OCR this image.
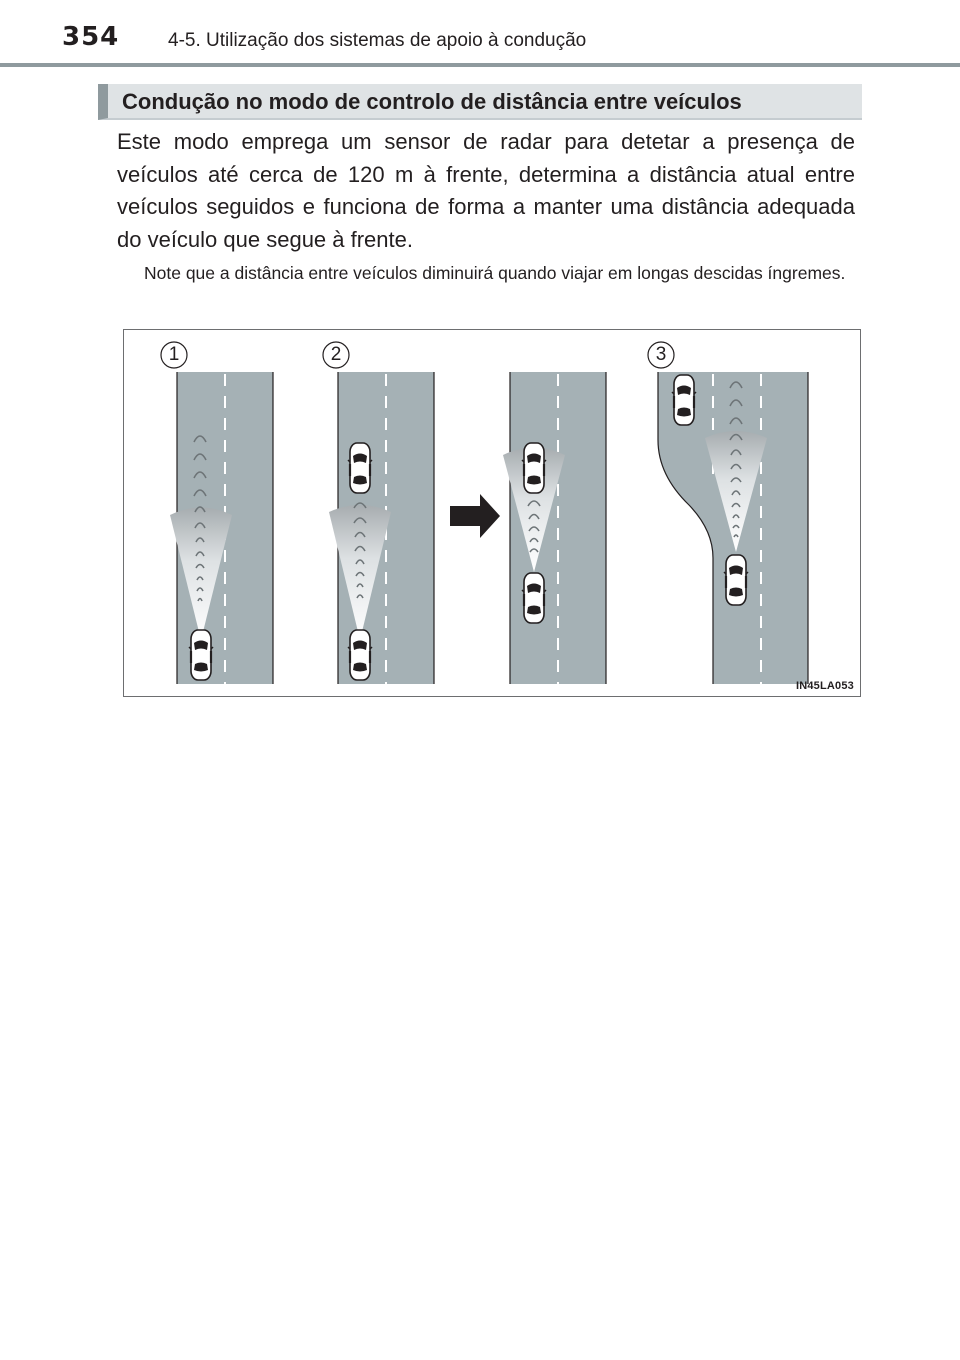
354	4-5. Utilização dos sistemas de apoio à condução
Condução no modo de controlo de distância entre veículos
Este modo emprega um sensor de radar para detetar a presença de veículos até cerca de 120 m à frente, determina a distância atual entre veículos seguidos e funciona de forma a manter uma distância adequada do veículo que segue à frente.
Note que a distância entre veículos diminuirá quando viajar em longas descidas íngremes.
1	2	3
IN45LA053
